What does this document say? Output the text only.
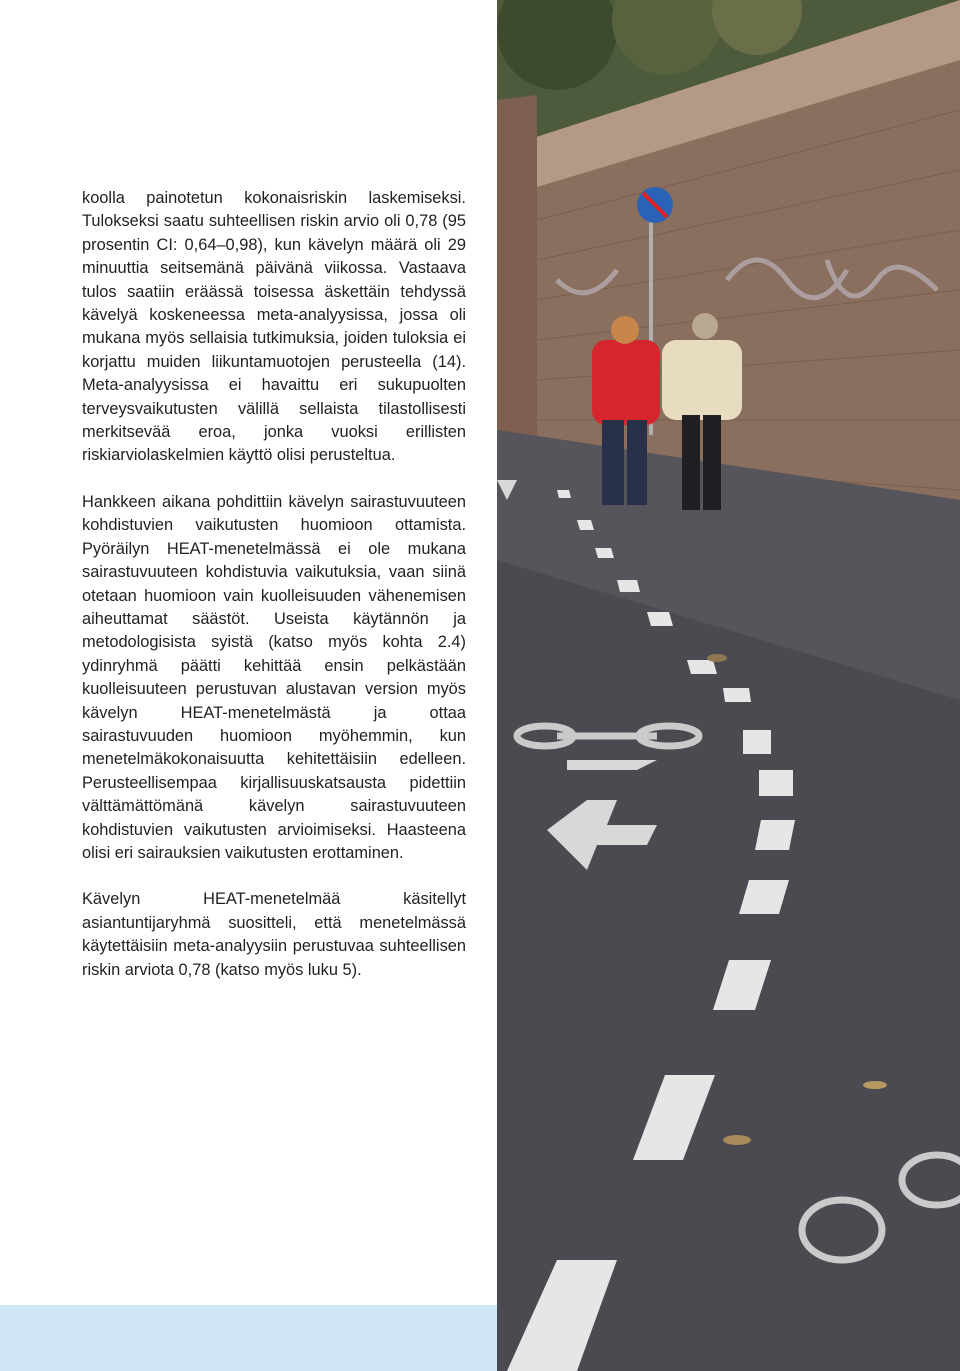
koolla painotetun kokonaisriskin laskemiseksi. Tulokseksi saatu suhteellisen riskin arvio oli 0,78 (95 prosentin CI: 0,64–0,98), kun kävelyn määrä oli 29 minuuttia seitsemänä päivänä viikossa. Vastaava tulos saatiin eräässä toisessa äskettäin tehdyssä kävelyä koskeneessa meta-analyysissa, jossa oli mukana myös sellaisia tutkimuksia, joiden tuloksia ei korjattu muiden liikuntamuotojen perusteella (14). Meta-analyysissa ei havaittu eri sukupuolten terveysvaikutusten välillä sellaista tilastollisesti merkitsevää eroa, jonka vuoksi erillisten riskiarviolaskelmien käyttö olisi perusteltua.

Hankkeen aikana pohdittiin kävelyn sairastuvuuteen kohdistuvien vaikutusten huomioon ottamista. Pyöräilyn HEAT-menetelmässä ei ole mukana sairastuvuuteen kohdistuvia vaikutuksia, vaan siinä otetaan huomioon vain kuolleisuuden vähenemisen aiheuttamat säästöt. Useista käytännön ja metodologisista syistä (katso myös kohta 2.4) ydinryhmä päätti kehittää ensin pelkästään kuolleisuuteen perustuvan alustavan version myös kävelyn HEAT-menetelmästä ja ottaa sairastuvuuden huomioon myöhemmin, kun menetelmäkokonaisuutta kehitettäisiin edelleen. Perusteellisempaa kirjallisuuskatsausta pidettiin välttämättömänä kävelyn sairastuvuuteen kohdistuvien vaikutusten arvioimiseksi. Haasteena olisi eri sairauksien vaikutusten erottaminen.

Kävelyn HEAT-menetelmää käsitellyt asiantuntijaryhmä suositteli, että menetelmässä käytettäisiin meta-analyysiin perustuvaa suhteellisen riskin arviota 0,78 (katso myös luku 5).
